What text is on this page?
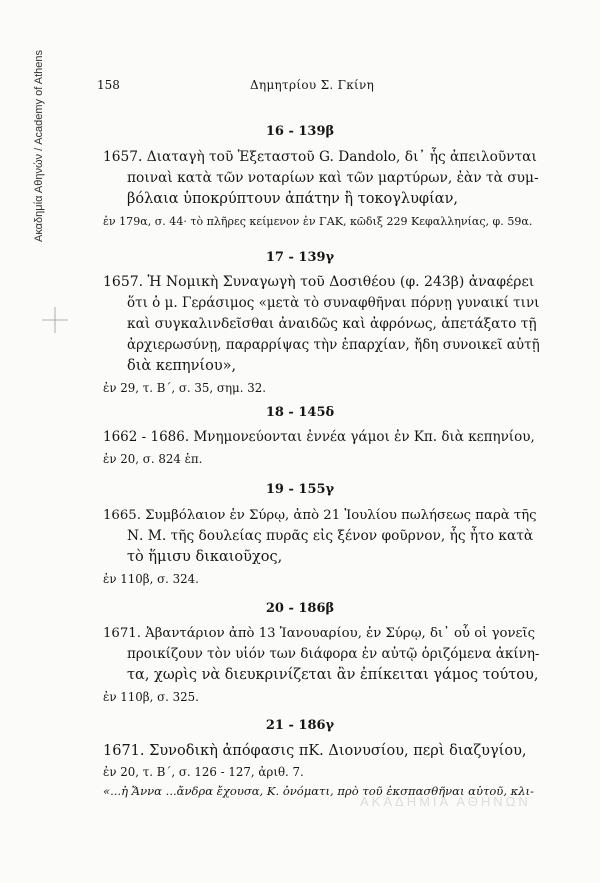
Ακαδημία Αθηνών / Academy of Athens	158	Δημητρίου Σ. Γκίνη
16 - 139β
1657. Διαταγὴ τοῦ Ἐξεταστοῦ G. Dandolo, δι᾽ ἧς ἀπειλοῦνται
ποιναὶ κατὰ τῶν νοταρίων καὶ τῶν μαρτύρων, ἐὰν τὰ συμ-
βόλαια ὑποκρύπτουν ἀπάτην ἢ τοκογλυφίαν,
ἐν 179α, σ. 44· τὸ πλῆρες κείμενον ἐν ΓΑΚ, κῶδιξ 229 Κεφαλληνίας, φ. 59α.
17 - 139γ
1657. Ἡ Νομικὴ Συναγωγὴ τοῦ Δοσιθέου (φ. 243β) ἀναφέρει
ὅτι ὁ μ. Γεράσιμος «μετὰ τὸ συναφθῆναι πόρνῃ γυναικί τινι
καὶ συγκαλινδεῖσθαι ἀναιδῶς καὶ ἀφρόνως, ἀπετάξατο τῇ
ἀρχιερωσύνῃ, παραρρίψας τὴν ἐπαρχίαν, ἤδη συνοικεῖ αὐτῇ
διὰ κεπηνίου»,
ἐν 29, τ. Β΄, σ. 35, σημ. 32.
18 - 145δ
1662 - 1686. Μνημονεύονται ἐννέα γάμοι ἐν Κπ. διὰ κεπηνίου,
ἐν 20, σ. 824 ἑπ.
19 - 155γ
1665. Συμβόλαιον ἐν Σύρῳ, ἀπὸ 21 Ἰουλίου πωλήσεως παρὰ τῆς
Ν. Μ. τῆς δουλείας πυρᾶς εἰς ξένον φοῦρνον, ἧς ἦτο κατὰ
τὸ ἥμισυ δικαιοῦχος,
ἐν 110β, σ. 324.
20 - 186β
1671. Ἀβαντάριον ἀπὸ 13 Ἰανουαρίου, ἐν Σύρῳ, δι᾽ οὗ οἱ γονεῖς
προικίζουν τὸν υἱόν των διάφορα ἐν αὐτῷ ὁριζόμενα ἀκίνη-
τα, χωρὶς νὰ διευκρινίζεται ἂν ἐπίκειται γάμος τούτου,
ἐν 110β, σ. 325.
21 - 186γ
1671. Συνοδικὴ ἀπόφασις πΚ. Διονυσίου, περὶ διαζυγίου,
ἐν 20, τ. Β΄, σ. 126 - 127, ἀριθ. 7.
«...ἡ Ἄννα ...ἄνδρα ἔχουσα, Κ. ὀνόματι, πρὸ τοῦ ἐκσπασθῆναι αὐτοῦ, κλι-
ΑΚΑΔΗΜΙΑ ΑΘΗΝΩΝ
